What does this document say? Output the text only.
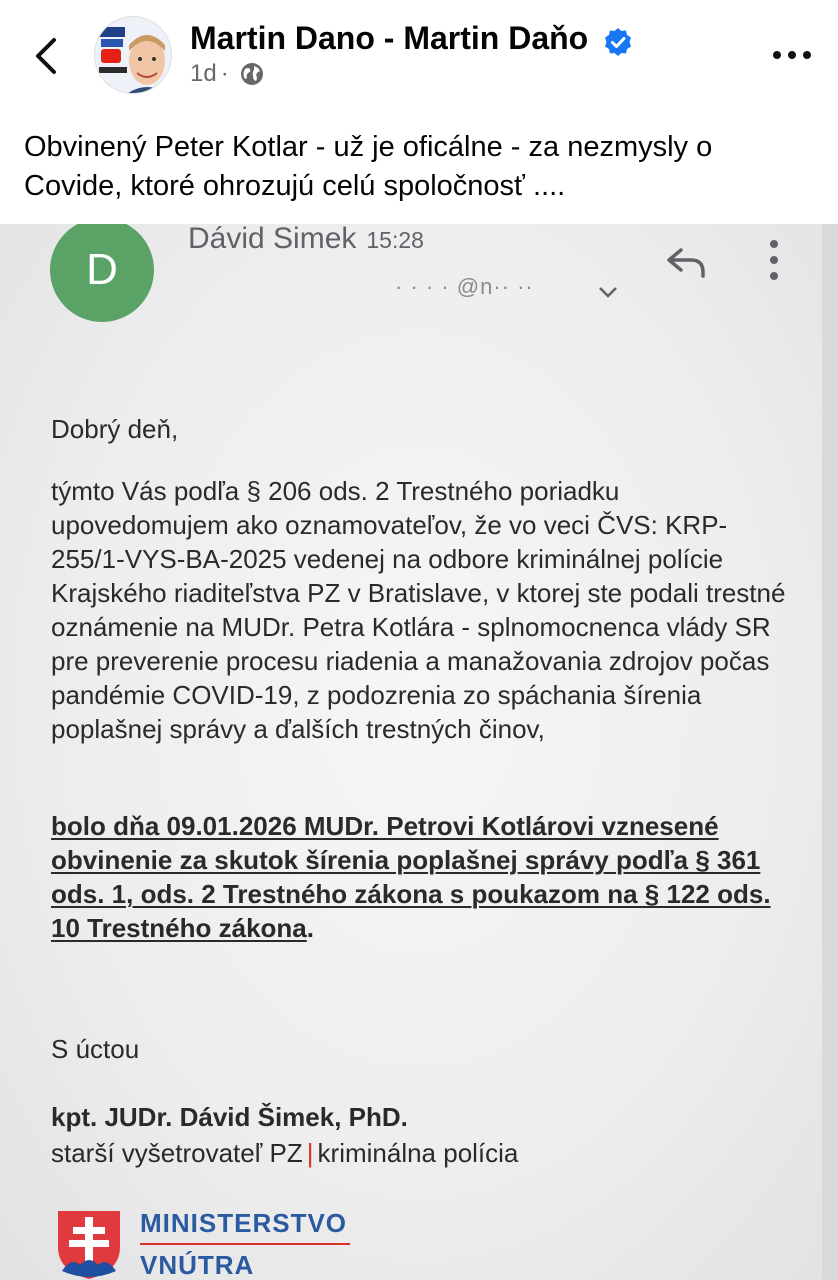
Martin Dano - Martin Daňo
1d ·
Obvinený Peter Kotlar - už je oficálne - za nezmysly o Covide, ktoré ohrozujú celú spoločnosť ....
D
Dávid Simek 15:28
· · · · @n·· ··
Dobrý deň,
týmto Vás podľa § 206 ods. 2 Trestného poriadku upovedomujem ako oznamovateľov, že vo veci ČVS: KRP-255/1-VYS-BA-2025 vedenej na odbore kriminálnej polície Krajského riaditeľstva PZ v Bratislave, v ktorej ste podali trestné oznámenie na MUDr. Petra Kotlára - splnomocnenca vlády SR pre preverenie procesu riadenia a manažovania zdrojov počas pandémie COVID-19, z podozrenia zo spáchania šírenia poplašnej správy a ďalších trestných činov,
bolo dňa 09.01.2026 MUDr. Petrovi Kotlárovi vznesené obvinenie za skutok šírenia poplašnej správy podľa § 361 ods. 1, ods. 2 Trestného zákona s poukazom na § 122 ods. 10 Trestného zákona.
S úctou
kpt. JUDr. Dávid Šimek, PhD.
starší vyšetrovateľ PZ | kriminálna polícia
MINISTERSTVO
VNÚTRA
